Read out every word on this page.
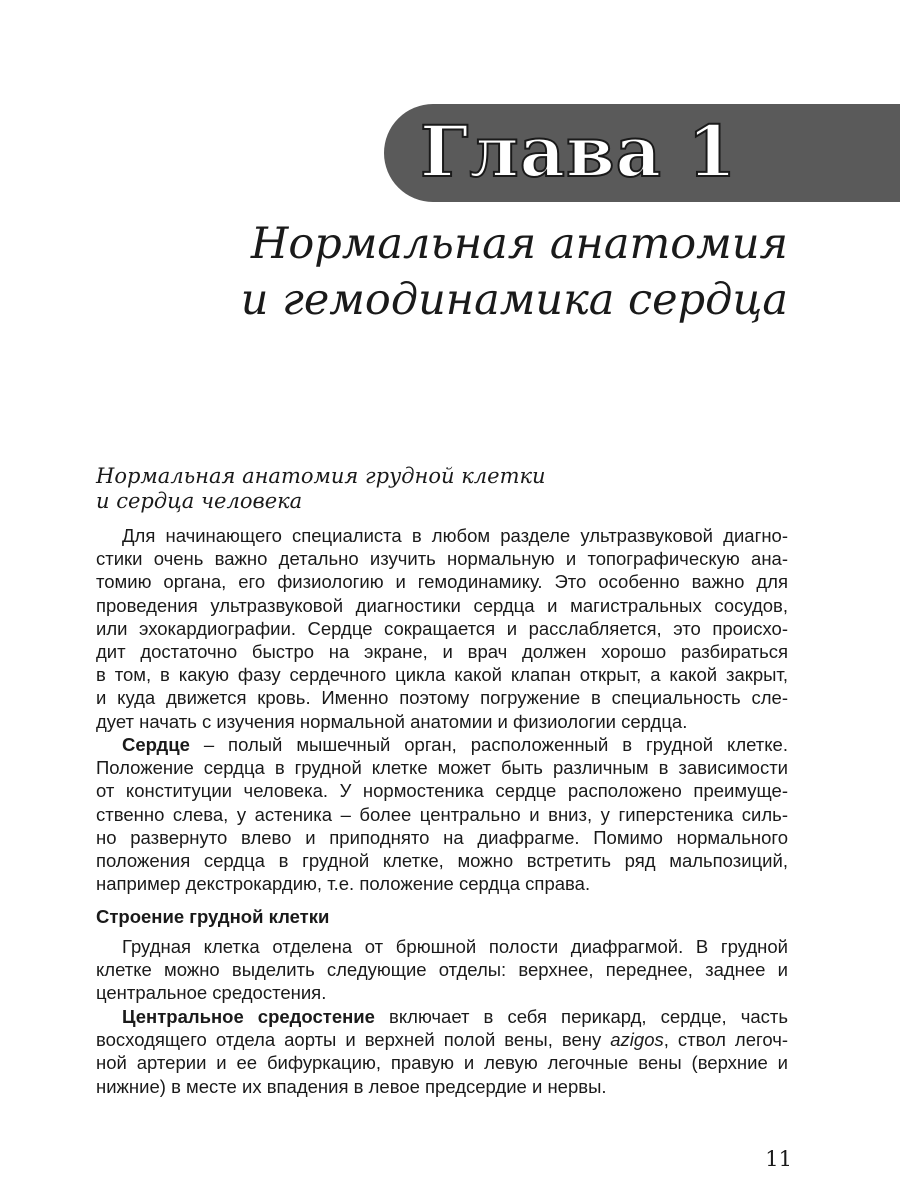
Глава 1
Нормальная анатомия
и гемодинамика сердца
Нормальная анатомия грудной клетки
и сердца человека
Для начинающего специалиста в любом разделе ультразвуковой диагно-
стики очень важно детально изучить нормальную и топографическую ана-
томию органа, его физиологию и гемодинамику. Это особенно важно для
проведения ультразвуковой диагностики сердца и магистральных сосудов,
или эхокардиографии. Сердце сокращается и расслабляется, это происхо-
дит достаточно быстро на экране, и врач должен хорошо разбираться
в том, в какую фазу сердечного цикла какой клапан открыт, а какой закрыт,
и куда движется кровь. Именно поэтому погружение в специальность сле-
дует начать с изучения нормальной анатомии и физиологии сердца.
Сердце – полый мышечный орган, расположенный в грудной клетке.
Положение сердца в грудной клетке может быть различным в зависимости
от конституции человека. У нормостеника сердце расположено преимуще-
ственно слева, у астеника – более центрально и вниз, у гиперстеника силь-
но развернуто влево и приподнято на диафрагме. Помимо нормального
положения сердца в грудной клетке, можно встретить ряд мальпозиций,
например декстрокардию, т.е. положение сердца справа.
Строение грудной клетки
Грудная клетка отделена от брюшной полости диафрагмой. В грудной
клетке можно выделить следующие отделы: верхнее, переднее, заднее и
центральное средостения.
Центральное средостение включает в себя перикард, сердце, часть
восходящего отдела аорты и верхней полой вены, вену azigos, ствол легоч-
ной артерии и ее бифуркацию, правую и левую легочные вены (верхние и
нижние) в месте их впадения в левое предсердие и нервы.
11
